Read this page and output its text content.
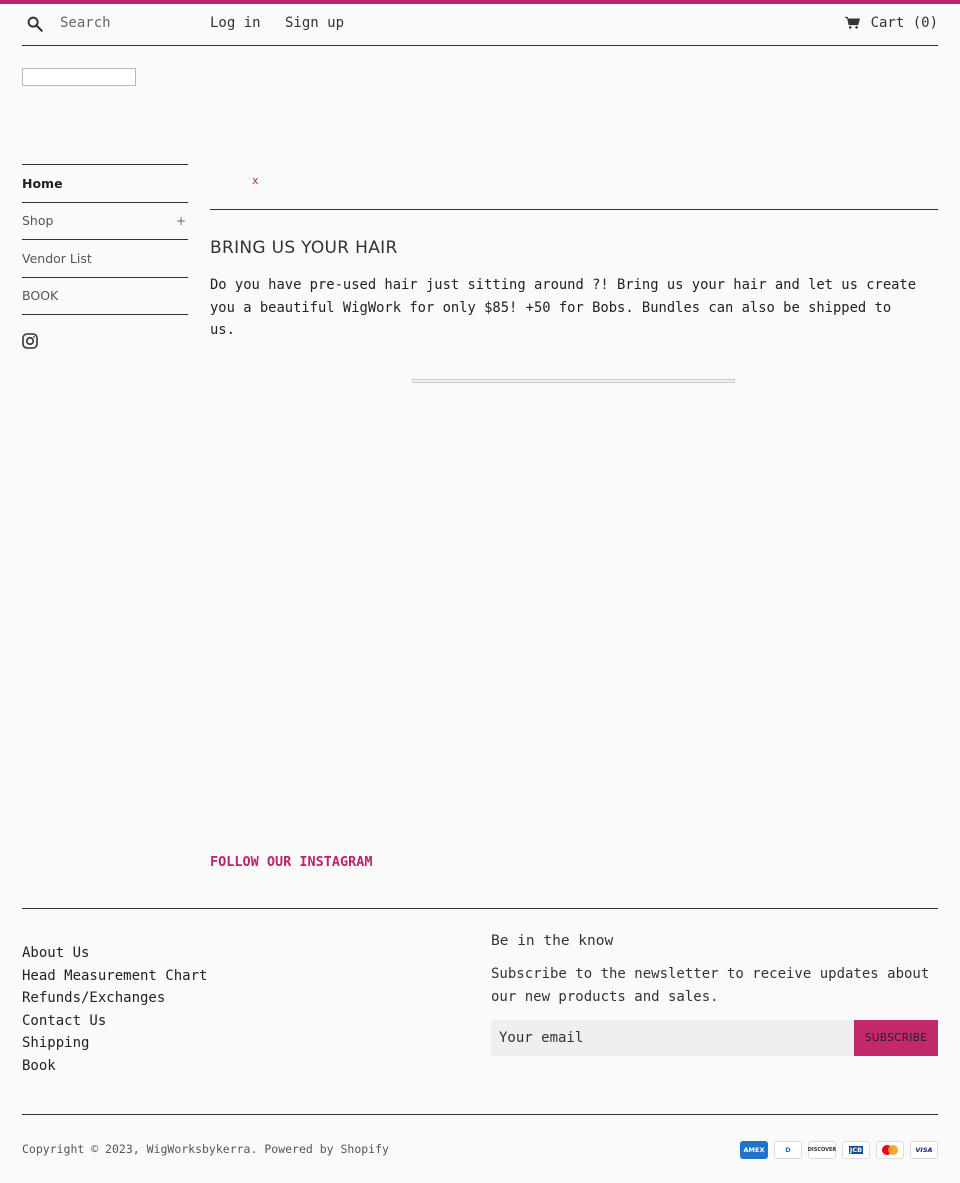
Search
Log in Sign up	Cart (0)
Home
Shop	+
Vendor List
BOOK
x
BRING US YOUR HAIR

Do you have pre-used hair just sitting around ?! Bring us your hair and let us create you a beautiful WigWork for only $85! +50 for Bobs. Bundles can also be shipped to us.

FOLLOW OUR INSTAGRAM
About Us
Head Measurement Chart
Refunds/Exchanges
Contact Us
Shipping
Book
Be in the know

Subscribe to the newsletter to receive updates about our new products and sales.

Your email
SUBSCRIBE

Copyright © 2023, WigWorksbykerra. Powered by Shopify	AMEX	D	DISCOVER JCB	VISA
